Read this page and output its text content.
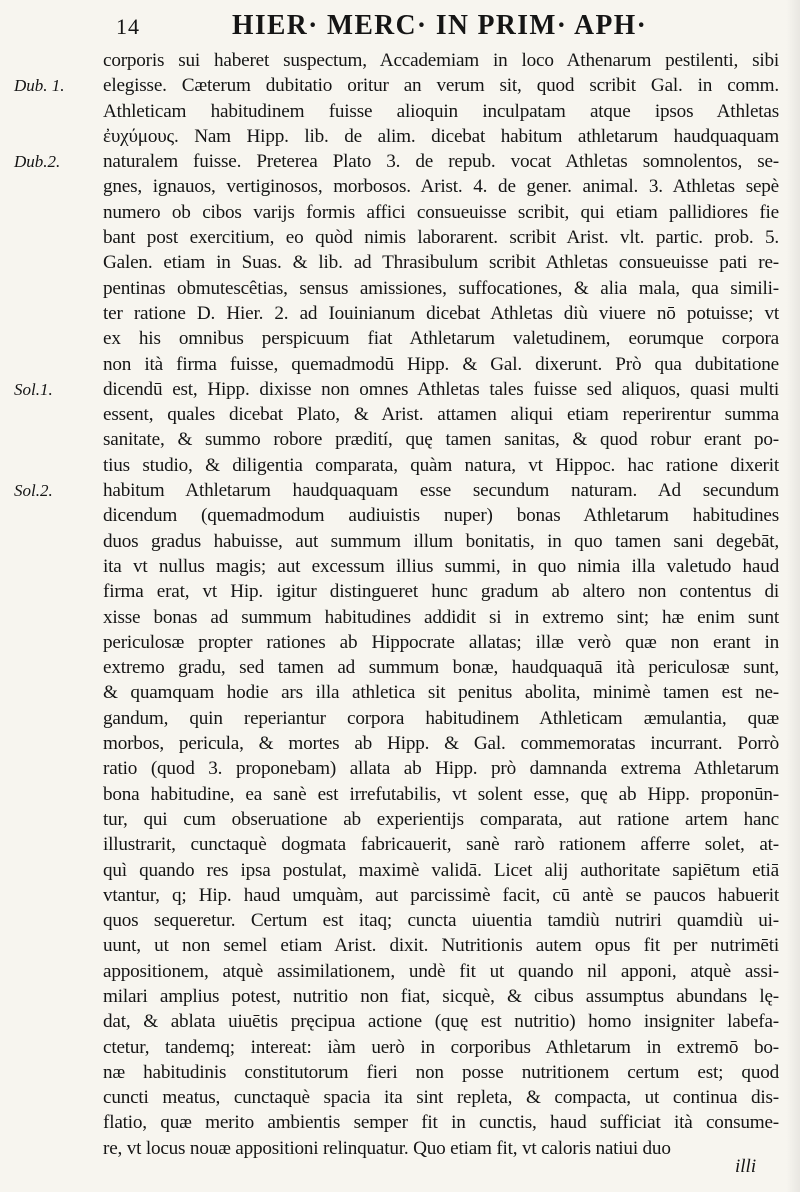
14	HIER· MERC· IN PRIM· APH·
corporis sui haberet suspectum, Accademiam in loco Athenarum pestilenti, sibi
elegisse. Cæterum dubitatio oritur an verum sit, quod scribit Gal. in comm.
Athleticam habitudinem fuisse alioquin inculpatam atque ipsos Athletas
ἐυχύμους. Nam Hipp. lib. de alim. dicebat habitum athletarum haudquaquam
naturalem fuisse. Preterea Plato 3. de repub. vocat Athletas somnolentos, se-
gnes, ignauos, vertiginosos, morbosos. Arist. 4. de gener. animal. 3. Athletas sepè
numero ob cibos varijs formis affici consueuisse scribit, qui etiam pallidiores fie
bant post exercitium, eo quòd nimis laborarent. scribit Arist. vlt. partic. prob. 5.
Galen. etiam in Suas. & lib. ad Thrasibulum scribit Athletas consueuisse pati re-
pentinas obmutescêtias, sensus amissiones, suffocationes, & alia mala, qua simili-
ter ratione D. Hier. 2. ad Iouinianum dicebat Athletas diù viuere nō potuisse; vt
ex his omnibus perspicuum fiat Athletarum valetudinem, eorumque corpora
non ità firma fuisse, quemadmodū Hipp. & Gal. dixerunt. Prò qua dubitatione
dicendū est, Hipp. dixisse non omnes Athletas tales fuisse sed aliquos, quasi multi
essent, quales dicebat Plato, & Arist. attamen aliqui etiam reperirentur summa
sanitate, & summo robore prædití, quę tamen sanitas, & quod robur erant po-
tius studio, & diligentia comparata, quàm natura, vt Hippoc. hac ratione dixerit
habitum Athletarum haudquaquam esse secundum naturam. Ad secundum
dicendum (quemadmodum audiuistis nuper) bonas Athletarum habitudines
duos gradus habuisse, aut summum illum bonitatis, in quo tamen sani degebāt,
ita vt nullus magis; aut excessum illius summi, in quo nimia illa valetudo haud
firma erat, vt Hip. igitur distingueret hunc gradum ab altero non contentus di
xisse bonas ad summum habitudines addidit si in extremo sint; hæ enim sunt
periculosæ propter rationes ab Hippocrate allatas; illæ verò quæ non erant in
extremo gradu, sed tamen ad summum bonæ, haudquaquā ità periculosæ sunt,
& quamquam hodie ars illa athletica sit penitus abolita, minimè tamen est ne-
gandum, quin reperiantur corpora habitudinem Athleticam æmulantia, quæ
morbos, pericula, & mortes ab Hipp. & Gal. commemoratas incurrant. Porrò
ratio (quod 3. proponebam) allata ab Hipp. prò damnanda extrema Athletarum
bona habitudine, ea sanè est irrefutabilis, vt solent esse, quę ab Hipp. proponūn-
tur, qui cum obseruatione ab experientijs comparata, aut ratione artem hanc
illustrarit, cunctaquè dogmata fabricauerit, sanè rarò rationem afferre solet, at-
quì quando res ipsa postulat, maximè validā. Licet alij authoritate sapiētum etiā
vtantur, q; Hip. haud umquàm, aut parcissimè facit, cū antè se paucos habuerit
quos sequeretur. Certum est itaq; cuncta uiuentia tamdiù nutriri quamdiù ui-
uunt, ut non semel etiam Arist. dixit. Nutritionis autem opus fit per nutrimēti
appositionem, atquè assimilationem, undè fit ut quando nil apponi, atquè assi-
milari amplius potest, nutritio non fiat, sicquè, & cibus assumptus abundans lę-
dat, & ablata uiuētis pręcipua actione (quę est nutritio) homo insigniter labefa-
ctetur, tandemq; intereat: iàm uerò in corporibus Athletarum in extremō bo-
næ habitudinis constitutorum fieri non posse nutritionem certum est; quod
cuncti meatus, cunctaquè spacia ita sint repleta, & compacta, ut continua dis-
flatio, quæ merito ambientis semper fit in cunctis, haud sufficiat ità consume-
re, vt locus nouæ appositioni relinquatur. Quo etiam fit, vt caloris natiui duo
Dub. 1.
Dub.2.
Sol.1.
Sol.2.
illi
